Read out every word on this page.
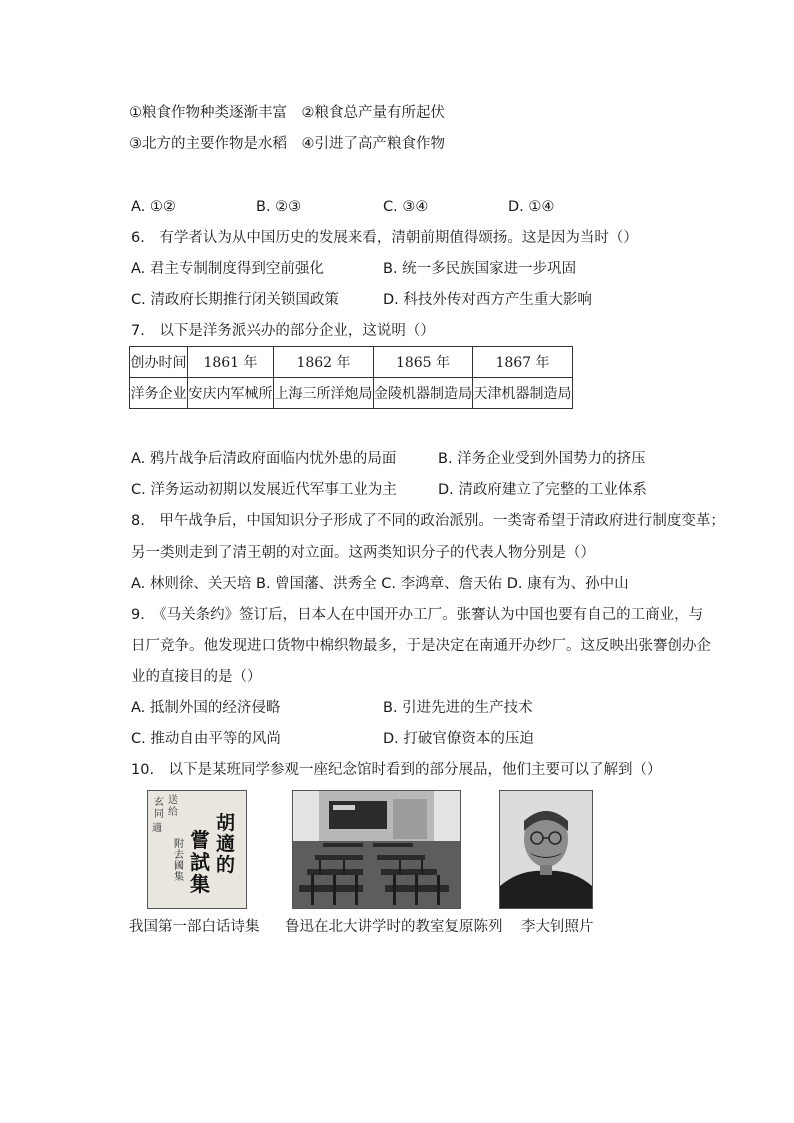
①粮食作物种类逐渐丰富　②粮食总产量有所起伏
③北方的主要作物是水稻　④引进了高产粮食作物
A. ①②	B. ②③	C. ③④	D. ①④
6.　有学者认为从中国历史的发展来看，清朝前期值得颂扬。这是因为当时（）
A. 君主专制制度得到空前强化	B. 统一多民族国家进一步巩固
C. 清政府长期推行闭关锁国政策	D. 科技外传对西方产生重大影响
7.　以下是洋务派兴办的部分企业，这说明（）
创办时间	1861 年	1862 年	1865 年	1867 年
洋务企业	安庆内军械所	上海三所洋炮局	金陵机器制造局	天津机器制造局
A. 鸦片战争后清政府面临内忧外患的局面	B. 洋务企业受到外国势力的挤压
C. 洋务运动初期以发展近代军事工业为主	D. 清政府建立了完整的工业体系
8.　甲午战争后，中国知识分子形成了不同的政治派别。一类寄希望于清政府进行制度变革；
另一类则走到了清王朝的对立面。这两类知识分子的代表人物分别是（）
A. 林则徐、关天培 B. 曾国藩、洪秀全 C. 李鸿章、詹天佑 D. 康有为、孙中山
9.　《马关条约》签订后，日本人在中国开办工厂。张謇认为中国也要有自己的工商业，与
日厂竞争。他发现进口货物中棉织物最多，于是决定在南通开办纱厂。这反映出张謇创办企
业的直接目的是（）
A. 抵制外国的经济侵略	B. 引进先进的生产技术
C. 推动自由平等的风尚	D. 打破官僚资本的压迫
10.　以下是某班同学参观一座纪念馆时看到的部分展品，他们主要可以了解到（）
玄同
送给
適	胡適的
嘗試集
附去國集
我国第一部白话诗集 鲁迅在北大讲学时的教室复原陈列 李大钊照片
